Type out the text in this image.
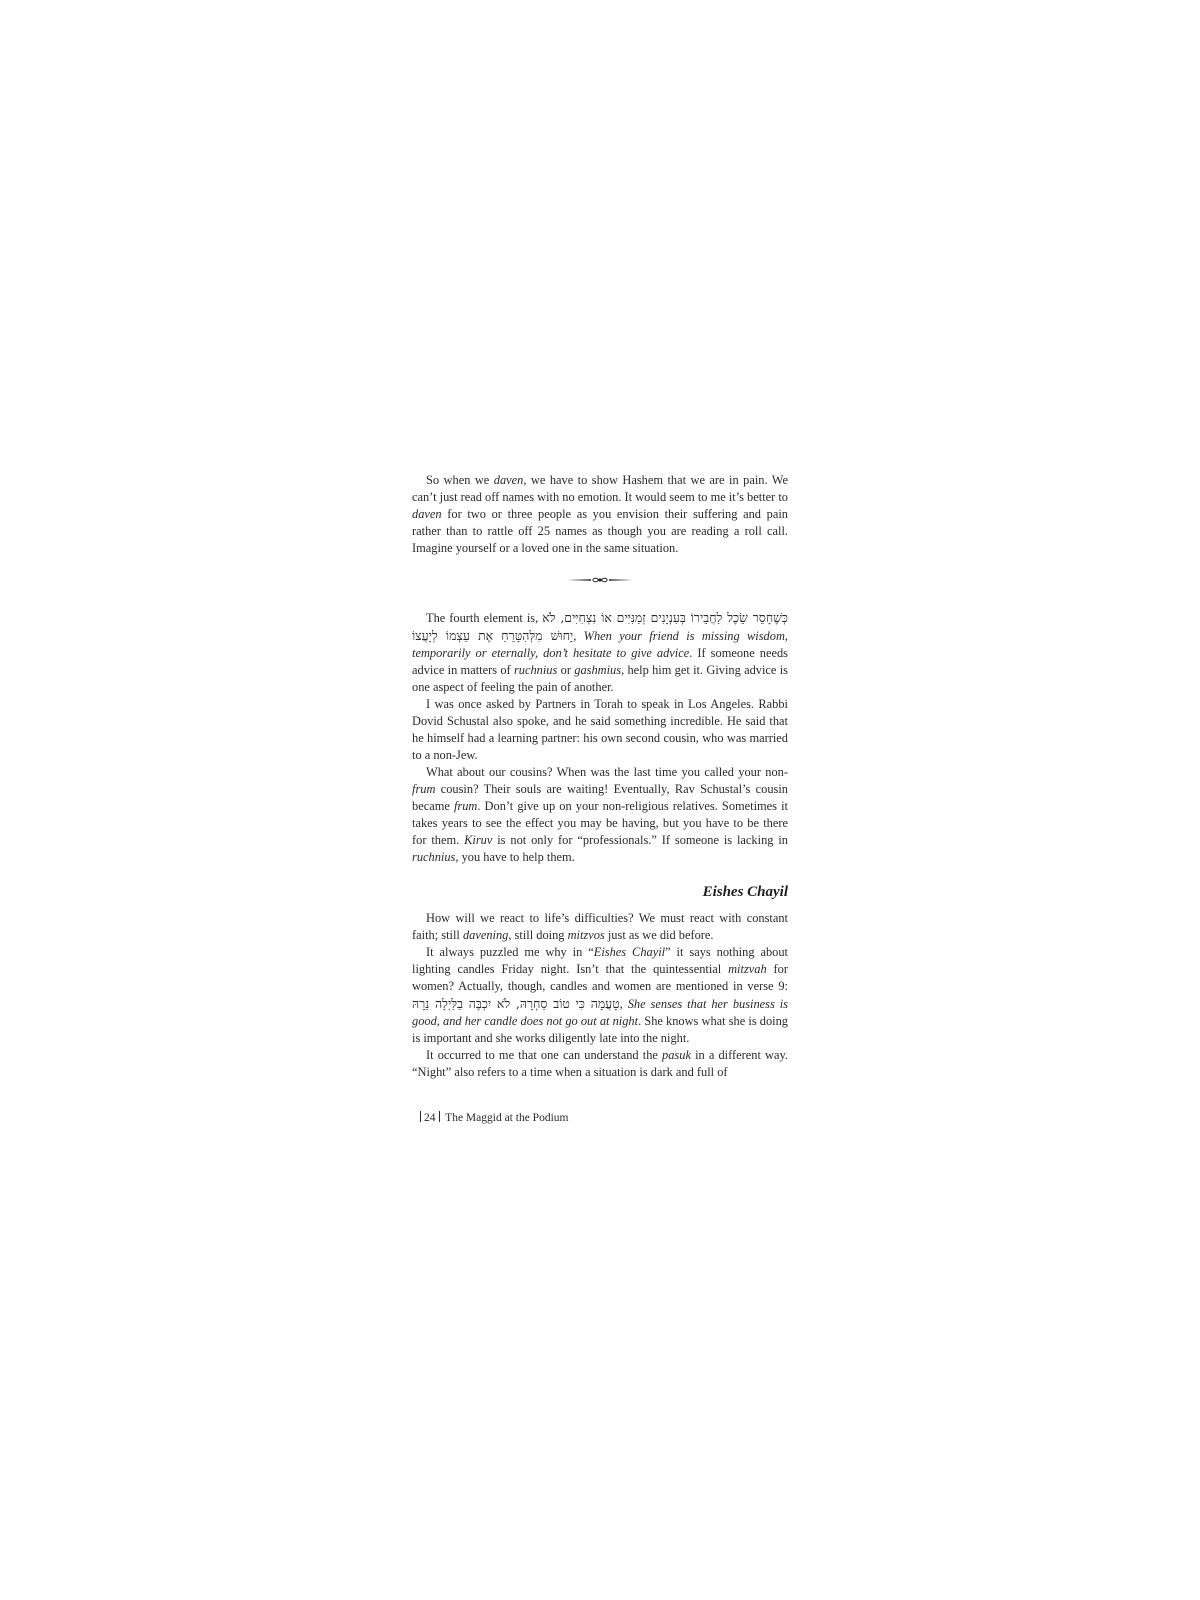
So when we daven, we have to show Hashem that we are in pain. We can’t just read off names with no emotion. It would seem to me it’s better to daven for two or three people as you envision their suffering and pain rather than to rattle off 25 names as though you are reading a roll call. Imagine yourself or a loved one in the same situation.

The fourth element is, כְּשֶׁחָסֵר שֵׂכֶל לַחֲבֵירוֹ בְּעִנְיָנִים זְמַנִּיִּים אוֹ נִצְחִיִּים, לֹא יָחוּשׁ מִלְּהִטָּרֵחַ אֶת עַצְמוֹ לְיָעֲצוֹ, When your friend is missing wisdom, temporarily or eternally, don’t hesitate to give advice. If someone needs advice in matters of ruchnius or gashmius, help him get it. Giving advice is one aspect of feeling the pain of another.

I was once asked by Partners in Torah to speak in Los Angeles. Rabbi Dovid Schustal also spoke, and he said something incredible. He said that he himself had a learning partner: his own second cousin, who was married to a non-Jew.

What about our cousins? When was the last time you called your non-frum cousin? Their souls are waiting! Eventually, Rav Schustal’s cousin became frum. Don’t give up on your non-religious relatives. Sometimes it takes years to see the effect you may be having, but you have to be there for them. Kiruv is not only for “professionals.” If someone is lacking in ruchnius, you have to help them.

Eishes Chayil

How will we react to life’s difficulties? We must react with constant faith; still davening, still doing mitzvos just as we did before.

It always puzzled me why in “Eishes Chayil” it says nothing about lighting candles Friday night. Isn’t that the quintessential mitzvah for women? Actually, though, candles and women are mentioned in verse 9: טָעֲמָה כִּי טוֹב סַחְרָהּ, לֹא יִכְבֶּה בַלַּיְלָה נֵרָהּ, She senses that her business is good, and her candle does not go out at night. She knows what she is doing is important and she works diligently late into the night.

It occurred to me that one can understand the pasuk in a different way. “Night” also refers to a time when a situation is dark and full of

24 The Maggid at the Podium
